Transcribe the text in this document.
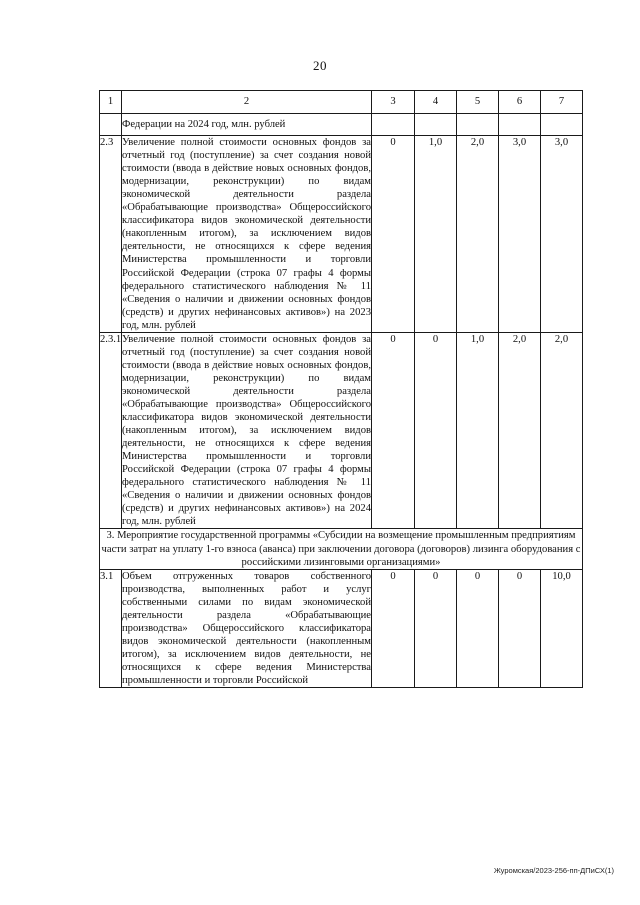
20
1	2	3	4	5	6	7

	Федерации на 2024 год, млн. рублей					

2.3	Увеличение полной стоимости основных фондов за отчетный год (поступление) за счет создания новой стоимости (ввода в действие новых основных фондов, модернизации, реконструкции) по видам экономической деятельности раздела «Обрабатывающие производства» Общероссийского классификатора видов экономической деятельности (накопленным итогом), за исключением видов деятельности, не относящихся к сфере ведения Министерства промышленности и торговли Российской Федерации (строка 07 графы 4 формы федерального статистического наблюдения № 11 «Сведения о наличии и движении основных фондов (средств) и других нефинансовых активов») на 2023 год, млн. рублей	0	1,0	2,0	3,0	3,0
2.3.1	Увеличение полной стоимости основных фондов за отчетный год (поступление) за счет создания новой стоимости (ввода в действие новых основных фондов, модернизации, реконструкции) по видам экономической деятельности раздела «Обрабатывающие производства» Общероссийского классификатора видов экономической деятельности (накопленным итогом), за исключением видов деятельности, не относящихся к сфере ведения Министерства промышленности и торговли Российской Федерации (строка 07 графы 4 формы федерального статистического наблюдения № 11 «Сведения о наличии и движении основных фондов (средств) и других нефинансовых активов») на 2024 год, млн. рублей	0	0	1,0	2,0	2,0
3. Мероприятие государственной программы «Субсидии на возмещение промышленным предприятиям части затрат на уплату 1-го взноса (аванса) при заключении договора (договоров) лизинга оборудования с российскими лизинговыми организациями»						
3.1	Объем отгруженных товаров собственного производства, выполненных работ и услуг собственными силами по видам экономической деятельности раздела «Обрабатывающие производства» Общероссийского классификатора видов экономической деятельности (накопленным итогом), за исключением видов деятельности, не относящихся к сфере ведения Министерства промышленности и торговли Российской	0	0	0	0	10,0
Журомская/2023-256-пп-ДПиСХ(1)
